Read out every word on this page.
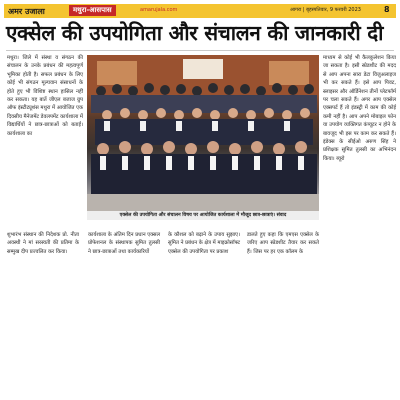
अमर उजाला	मथुरा-आसपास	amarujala.com	आगरा | बृहस्पतिवार, 9 फरवरी 2023	8
एक्सेल की उपयोगिता और संचालन की जानकारी दी

मथुरा। जिले में संस्था व संगठन की संचालन के उनके प्रबंधन की महत्वपूर्ण भूमिका होती है। सफल प्रबंधन के लिए कोई भी संगठन मूल्यवान संसाधनों के होते हुए भी विशिष्ट स्थान हासिल नहीं कर सकता। यह बातें जीएल बजाज ग्रुप ऑफ इंस्टीट्यूशंस मथुरा में आयोजित एक दिवसीय मैनेजमेंट डेवलपमेंट कार्यशाला में विद्यार्थियों ने छात्र-छात्राओं को बताईं। कार्यशाला का

एक्सेल की उपयोगिता और संचालन विषय पर आयोजित कार्यशाला में मौजूद छात्र-छात्राएं। संवाद

शुभारंभ संस्थान की निदेशक प्रो. नीता अवस्थी ने मां सरस्वती की प्रतिमा के सम्मुख दीप प्रज्वलित कर किया।

कार्यशाला के अंतिम दिन प्रधान एक्सल प्रोफेशनल के संस्थापक सुमित तुलसी ने छात्र-छात्राओं तथा कार्यकारियों

के कौशल को बढ़ाने के उपाय सुझाए। सुमित ने प्रबंधन के क्षेत्र में माइक्रोसॉफ्ट एक्सेल की उपयोगिता पर प्रकाश

डालते हुए कहा कि एमएस एक्सेल के जरिए आप स्प्रेडशीट तैयार कर सकते हैं। जिस पर हर एक कॉलम के

माध्यम से कोई भी कैलकुलेशन किया जा सकता है। इसी स्प्रेडशीट की मदद से आप अपना सारा डेटा विजुअलाइज भी कर सकते हैं। इसे आप पिवट, स्लाइसर और ऑर्डिनेशन तीनों प्लेटफॉर्म पर चला सकते हैं। अगर आप एक्सेल एक्सपर्ट हैं तो इंडस्ट्री में काम की कोई कमी नहीं है। आप अपने मोबाइल फोन या उपयोग व्यक्तिगत कंप्यूटर न होने के बावजूद भी इस पर काम कर सकते हैं। इंडेक्स के सीईओ अरुण सिंह ने प्रशिक्षक सुमित तुलसी का अभिनंदन किया। ब्यूरो
